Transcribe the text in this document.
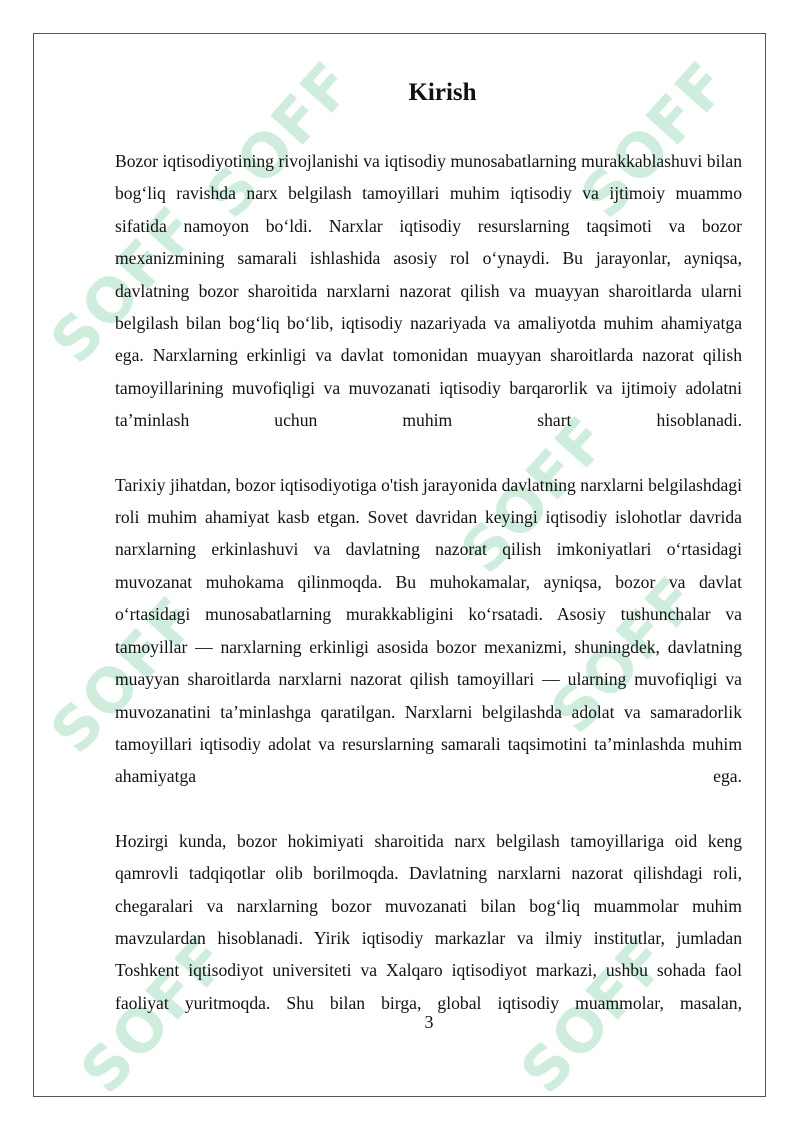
SOFF	SOFF
SOFF
SOFF
SOFF	SOFF
SOFF	SOFF
Kirish

Bozor iqtisodiyotining rivojlanishi va iqtisodiy munosabatlarning murakkablashuvi bilan bog‘liq ravishda narx belgilash tamoyillari muhim iqtisodiy va ijtimoiy muammo sifatida namoyon bo‘ldi. Narxlar iqtisodiy resurslarning taqsimoti va bozor mexanizmining samarali ishlashida asosiy rol o‘ynaydi. Bu jarayonlar, ayniqsa, davlatning bozor sharoitida narxlarni nazorat qilish va muayyan sharoitlarda ularni belgilash bilan bog‘liq bo‘lib, iqtisodiy nazariyada va amaliyotda muhim ahamiyatga ega. Narxlarning erkinligi va davlat tomonidan muayyan sharoitlarda nazorat qilish tamoyillarining muvofiqligi va muvozanati iqtisodiy barqarorlik va ijtimoiy adolatni ta’minlash uchun muhim shart hisoblanadi.

Tarixiy jihatdan, bozor iqtisodiyotiga o'tish jarayonida davlatning narxlarni belgilashdagi roli muhim ahamiyat kasb etgan. Sovet davridan keyingi iqtisodiy islohotlar davrida narxlarning erkinlashuvi va davlatning nazorat qilish imkoniyatlari o‘rtasidagi muvozanat muhokama qilinmoqda. Bu muhokamalar, ayniqsa, bozor va davlat o‘rtasidagi munosabatlarning murakkabligini ko‘rsatadi. Asosiy tushunchalar va tamoyillar — narxlarning erkinligi asosida bozor mexanizmi, shuningdek, davlatning muayyan sharoitlarda narxlarni nazorat qilish tamoyillari — ularning muvofiqligi va muvozanatini ta’minlashga qaratilgan. Narxlarni belgilashda adolat va samaradorlik tamoyillari iqtisodiy adolat va resurslarning samarali taqsimotini ta’minlashda muhim ahamiyatga ega.

Hozirgi kunda, bozor hokimiyati sharoitida narx belgilash tamoyillariga oid keng qamrovli tadqiqotlar olib borilmoqda. Davlatning narxlarni nazorat qilishdagi roli, chegaralari va narxlarning bozor muvozanati bilan bog‘liq muammolar muhim mavzulardan hisoblanadi. Yirik iqtisodiy markazlar va ilmiy institutlar, jumladan Toshkent iqtisodiyot universiteti va Xalqaro iqtisodiyot markazi, ushbu sohada faol faoliyat yuritmoqda. Shu bilan birga, global iqtisodiy muammolar, masalan,

3
